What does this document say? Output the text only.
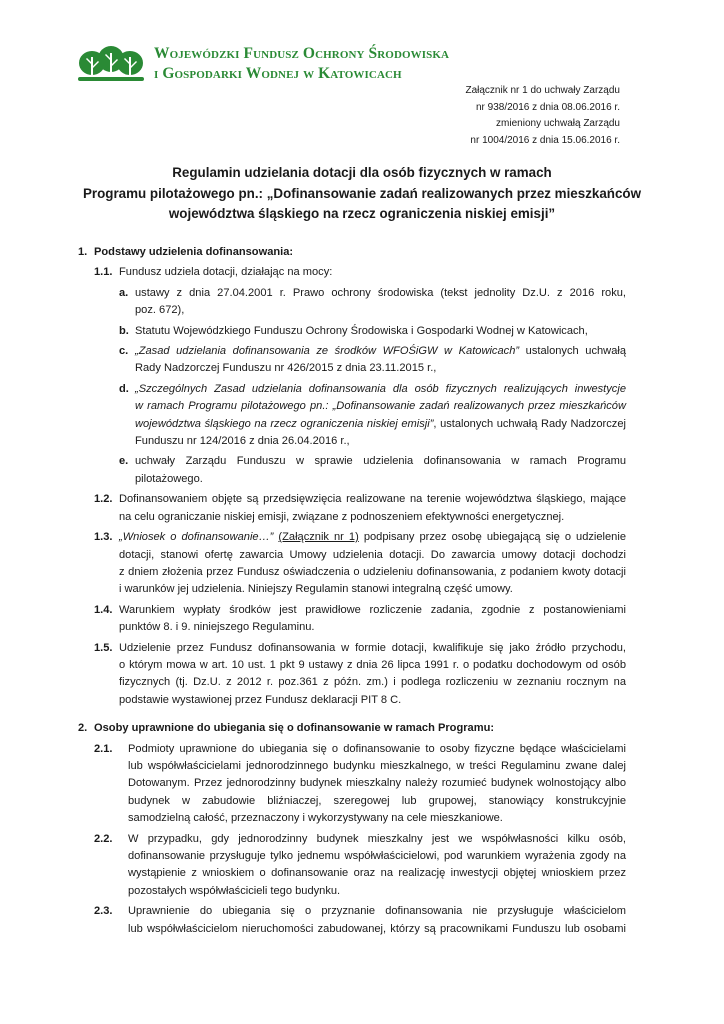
Wojewódzki Fundusz Ochrony Środowiska
i Gospodarki Wodnej w Katowicach
Załącznik nr 1 do uchwały Zarządu
nr 938/2016 z dnia 08.06.2016 r.
zmieniony uchwałą Zarządu
nr 1004/2016 z dnia 15.06.2016 r.
Regulamin udzielania dotacji dla osób fizycznych w ramach
Programu pilotażowego pn.: „Dofinansowanie zadań realizowanych przez mieszkańców
województwa śląskiego na rzecz ograniczenia niskiej emisji”
1. Podstawy udzielenia dofinansowania:
1.1. Fundusz udziela dotacji, działając na mocy:
a. ustawy z dnia 27.04.2001 r. Prawo ochrony środowiska (tekst jednolity Dz.U. z 2016 roku,
poz. 672),
b. Statutu Wojewódzkiego Funduszu Ochrony Środowiska i Gospodarki Wodnej w Katowicach,
c. „Zasad udzielania dofinansowania ze środków WFOŚiGW w Katowicach” ustalonych uchwałą
Rady Nadzorczej Funduszu nr 426/2015 z dnia 23.11.2015 r.,
d. „Szczególnych Zasad udzielania dofinansowania dla osób fizycznych realizujących inwestycje
w ramach Programu pilotażowego pn.: „Dofinansowanie zadań realizowanych przez mieszkańców
województwa śląskiego na rzecz ograniczenia niskiej emisji”, ustalonych uchwałą Rady Nadzorczej
Funduszu nr 124/2016 z dnia 26.04.2016 r.,
e. uchwały Zarządu Funduszu w sprawie udzielenia dofinansowania w ramach Programu
pilotażowego.
1.2. Dofinansowaniem objęte są przedsięwzięcia realizowane na terenie województwa śląskiego, mające
na celu ograniczanie niskiej emisji, związane z podnoszeniem efektywności energetycznej.
1.3. „Wniosek o dofinansowanie…” (Załącznik nr 1) podpisany przez osobę ubiegającą się o udzielenie
dotacji, stanowi ofertę zawarcia Umowy udzielenia dotacji. Do zawarcia umowy dotacji dochodzi
z dniem złożenia przez Fundusz oświadczenia o udzieleniu dofinansowania, z podaniem kwoty dotacji
i warunków jej udzielenia. Niniejszy Regulamin stanowi integralną część umowy.
1.4. Warunkiem wypłaty środków jest prawidłowe rozliczenie zadania, zgodnie z postanowieniami
punktów 8. i 9. niniejszego Regulaminu.
1.5. Udzielenie przez Fundusz dofinansowania w formie dotacji, kwalifikuje się jako źródło przychodu,
o którym mowa w art. 10 ust. 1 pkt 9 ustawy z dnia 26 lipca 1991 r. o podatku dochodowym od osób
fizycznych (tj. Dz.U. z 2012 r. poz.361 z późn. zm.) i podlega rozliczeniu w zeznaniu rocznym na
podstawie wystawionej przez Fundusz deklaracji PIT 8 C.
2. Osoby uprawnione do ubiegania się o dofinansowanie w ramach Programu:
2.1. Podmioty uprawnione do ubiegania się o dofinansowanie to osoby fizyczne będące właścicielami
lub współwłaścicielami jednorodzinnego budynku mieszkalnego, w treści Regulaminu zwane dalej
Dotowanym. Przez jednorodzinny budynek mieszkalny należy rozumieć budynek wolnostojący albo
budynek w zabudowie bliźniaczej, szeregowej lub grupowej, stanowiący konstrukcyjnie
samodzielną całość, przeznaczony i wykorzystywany na cele mieszkaniowe.
2.2. W przypadku, gdy jednorodzinny budynek mieszkalny jest we współwłasności kilku osób,
dofinansowanie przysługuje tylko jednemu współwłaścicielowi, pod warunkiem wyrażenia zgody na
wystąpienie z wnioskiem o dofinansowanie oraz na realizację inwestycji objętej wnioskiem przez
pozostałych współwłaścicieli tego budynku.
2.3. Uprawnienie do ubiegania się o przyznanie dofinansowania nie przysługuje właścicielom
lub współwłaścicielom nieruchomości zabudowanej, którzy są pracownikami Funduszu lub osobami
